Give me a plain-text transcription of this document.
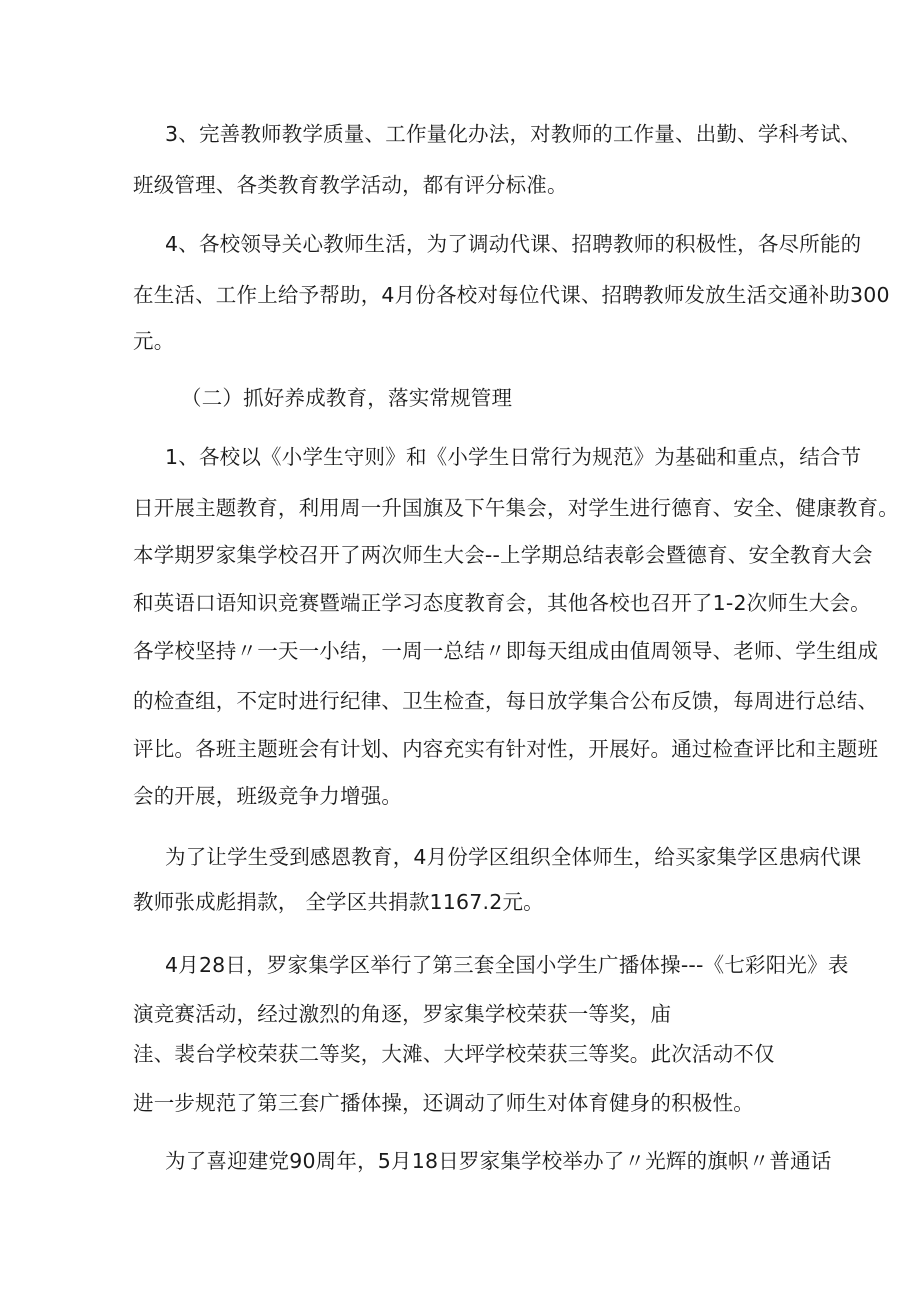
3、完善教师教学质量、工作量化办法，对教师的工作量、出勤、学科考试、

班级管理、各类教育教学活动，都有评分标准。

4、各校领导关心教师生活，为了调动代课、招聘教师的积极性，各尽所能的

在生活、工作上给予帮助，4月份各校对每位代课、招聘教师发放生活交通补助300

元。

（二）抓好养成教育，落实常规管理

1、各校以《小学生守则》和《小学生日常行为规范》为基础和重点，结合节

日开展主题教育，利用周一升国旗及下午集会，对学生进行德育、安全、健康教育。

本学期罗家集学校召开了两次师生大会--上学期总结表彰会暨德育、安全教育大会

和英语口语知识竞赛暨端正学习态度教育会，其他各校也召开了1-2次师生大会。

各学校坚持〃一天一小结，一周一总结〃即每天组成由值周领导、老师、学生组成

的检查组，不定时进行纪律、卫生检查，每日放学集合公布反馈，每周进行总结、

评比。各班主题班会有计划、内容充实有针对性，开展好。通过检查评比和主题班

会的开展，班级竞争力增强。

为了让学生受到感恩教育，4月份学区组织全体师生，给买家集学区患病代课

教师张成彪捐款， 全学区共捐款1167.2元。

4月28日，罗家集学区举行了第三套全国小学生广播体操---《七彩阳光》表

演竞赛活动，经过激烈的角逐，罗家集学校荣获一等奖，庙

洼、裴台学校荣获二等奖，大滩、大坪学校荣获三等奖。此次活动不仅

进一步规范了第三套广播体操，还调动了师生对体育健身的积极性。

为了喜迎建党90周年，5月18日罗家集学校举办了〃光辉的旗帜〃普通话
